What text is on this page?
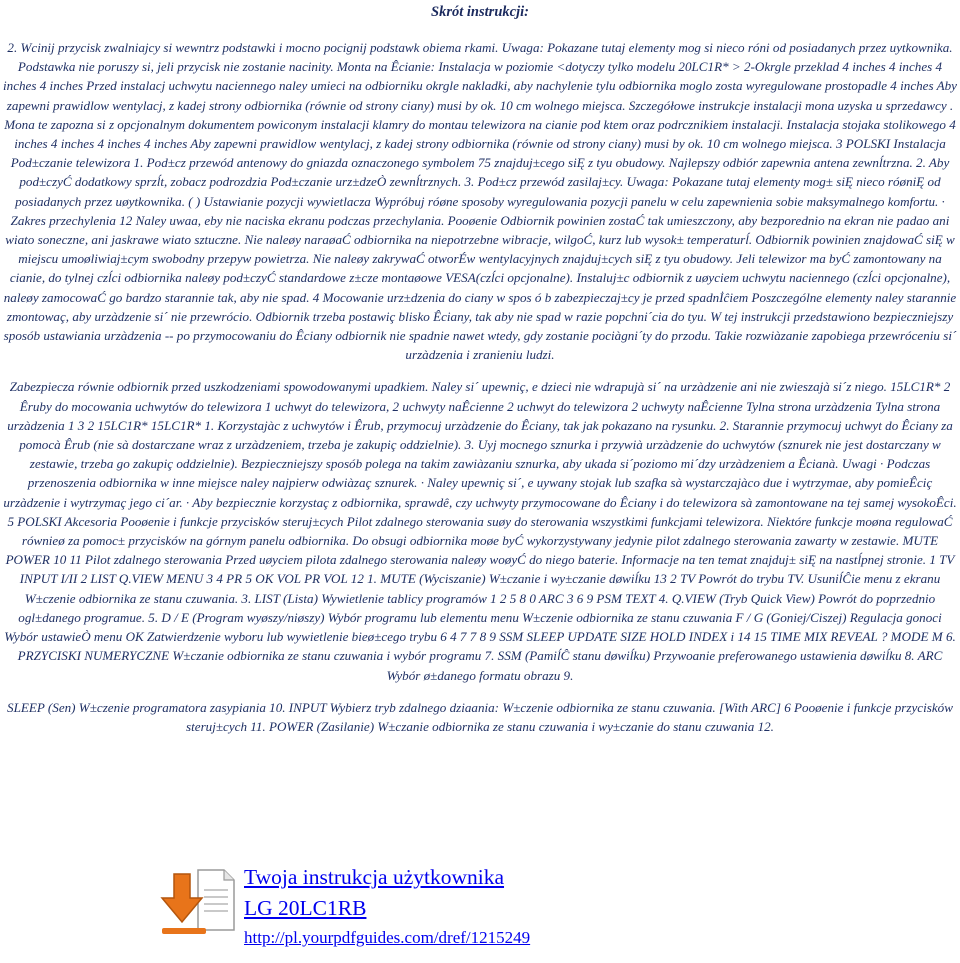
Skrót instrukcji:

2. Wcinij przycisk zwalniajcy si wewntrz podstawki i mocno pocignij podstawk obiema rkami. Uwaga: Pokazane tutaj elementy mog si nieco róni od posiadanych przez uytkownika. Podstawka nie poruszy si, jeli przycisk nie zostanie nacinity. Monta na Êcianie: Instalacja w poziomie <dotyczy tylko modelu 20LC1R* > 2-Okrgle przeklad 4 inches 4 inches 4 inches 4 inches Przed instalacj uchwytu naciennego naley umieci na odbiorniku okrgle nakladki, aby nachylenie tylu odbiornika moglo zosta wyregulowane prostopadle 4 inches Aby zapewni prawidlow wentylacj, z kadej strony odbiornika (równie od strony ciany) musi by ok. 10 cm wolnego miejsca. Szczegółowe instrukcje instalacji mona uzyska u sprzedawcy . Mona te zapozna si z opcjonalnym dokumentem powiconym instalacji klamry do montau telewizora na cianie pod ktem oraz podrcznikiem instalacji. Instalacja stojaka stolikowego 4 inches 4 inches 4 inches 4 inches Aby zapewni prawidlow wentylacj, z kadej strony odbiornika (równie od strony ciany) musi by ok. 10 cm wolnego miejsca. 3 POLSKI Instalacja Pod±czanie telewizora 1. Pod±cz przewód antenowy do gniazda oznaczonego symbolem 75 znajduj±cego siĘ z tyu obudowy. Najlepszy odbiór zapewnia antena zewnĺtrzna. 2. Aby pod±czyĆ dodatkowy sprzĺt, zobacz podrozdzia Pod±czanie urz±dzeÒ zewnĺtrznych. 3. Pod±cz przewód zasilaj±cy. Uwaga: Pokazane tutaj elementy mog± siĘ nieco róøniĘ od posiadanych przez uøytkownika. ( ) Ustawianie pozycji wywietlacza Wypróbuj róøne sposoby wyregulowania pozycji panelu w celu zapewnienia sobie maksymalnego komfortu. · Zakres przechylenia 12 Naley uwaa, eby nie naciska ekranu podczas przechylania. Pooøenie Odbiornik powinien zostaĆ tak umieszczony, aby bezporednio na ekran nie padao ani wiato soneczne, ani jaskrawe wiato sztuczne. Nie naleøy naraøaĆ odbiornika na niepotrzebne wibracje, wilgoĆ, kurz lub wysok± temperaturĺ. Odbiornik powinien znajdowaĆ siĘ w miejscu umoøliwiaj±cym swobodny przepyw powietrza. Nie naleøy zakrywaĆ otworÉw wentylacyjnych znajduj±cych siĘ z tyu obudowy. Jeli telewizor ma byĆ zamontowany na cianie, do tylnej czĺci odbiornika naleøy pod±czyĆ standardowe z±cze montaøowe VESA(czĺci opcjonalne). Instaluj±c odbiornik z uøyciem uchwytu naciennego (czĺci opcjonalne), naleøy zamocowaĆ go bardzo starannie tak, aby nie spad. 4 Mocowanie urz±dzenia do ciany w spos ó b zabezpieczaj±cy je przed spadnİĉiem Poszczególne elementy naley starannie zmontowaç, aby urzàdzenie si´ nie przewrócio. Odbiornik trzeba postawiç blisko Êciany, tak aby nie spad w razie popchni´cia do tyu. W tej instrukcji przedstawiono bezpieczniejszy sposób ustawiania urzàdzenia -- po przymocowaniu do Êciany odbiornik nie spadnie nawet wtedy, gdy zostanie pociàgni´ty do przodu. Takie rozwiàzanie zapobiega przewróceniu si´ urzàdzenia i zranieniu ludzi.

Zabezpiecza równie odbiornik przed uszkodzeniami spowodowanymi upadkiem. Naley si´ upewniç, e dzieci nie wdrapujà si´ na urzàdzenie ani nie zwieszajà si´z niego. 15LC1R* 2 Êruby do mocowania uchwytów do telewizora 1 uchwyt do telewizora, 2 uchwyty naÊcienne 2 uchwyt do telewizora 2 uchwyty naÊcienne Tylna strona urzàdzenia Tylna strona urzàdzenia 1 3 2 15LC1R* 15LC1R* 1. Korzystajàc z uchwytów i Êrub, przymocuj urzàdzenie do Êciany, tak jak pokazano na rysunku. 2. Starannie przymocuj uchwyt do Êciany za pomocà Êrub (nie sà dostarczane wraz z urzàdzeniem, trzeba je zakupiç oddzielnie). 3. Uyj mocnego sznurka i przywià urzàdzenie do uchwytów (sznurek nie jest dostarczany w zestawie, trzeba go zakupiç oddzielnie). Bezpieczniejszy sposób polega na takim zawiàzaniu sznurka, aby ukada si´poziomo mi´dzy urzàdzeniem a Êcianà. Uwagi · Podczas przenoszenia odbiornika w inne miejsce naley najpierw odwiàzaç sznurek. · Naley upewniç si´, e uywany stojak lub szafka sà wystarczajàco due i wytrzymae, aby pomieÊciç urzàdzenie i wytrzymaç jego ci´ar. · Aby bezpiecznie korzystaç z odbiornika, sprawdê, czy uchwyty przymocowane do Êciany i do telewizora sà zamontowane na tej samej wysokoÊci. 5 POLSKI Akcesoria Pooøenie i funkcje przycisków steruj±cych Pilot zdalnego sterowania suøy do sterowania wszystkimi funkcjami telewizora. Niektóre funkcje moøna regulowaĆ równieø za pomoc± przycisków na górnym panelu odbiornika. Do obsugi odbiornika moøe byĆ wykorzystywany jedynie pilot zdalnego sterowania zawarty w zestawie. MUTE POWER 10 11 Pilot zdalnego sterowania Przed uøyciem pilota zdalnego sterowania naleøy woøyĆ do niego baterie. Informacje na ten temat znajduj± siĘ na nastĺpnej stronie. 1 TV INPUT I/II 2 LIST Q.VIEW MENU 3 4 PR 5 OK VOL PR VOL 12 1. MUTE (Wyciszanie) W±czanie i wy±czanie døwiĺku 13 2 TV Powrót do trybu TV. UsuniĺĈie menu z ekranu W±czenie odbiornika ze stanu czuwania. 3. LIST (Lista) Wywietlenie tablicy programów 1 2 5 8 0 ARC 3 6 9 PSM TEXT 4. Q.VIEW (Tryb Quick View) Powrót do poprzednio ogl±danego programue. 5. D / E (Program wyøszy/niøszy) Wybór programu lub elementu menu W±czenie odbiornika ze stanu czuwania F / G (Goniej/Ciszej) Regulacja gonoci Wybór ustawieÒ menu OK Zatwierdzenie wyboru lub wywietlenie bieø±cego trybu 6 4 7 7 8 9 SSM SLEEP UPDATE SIZE HOLD INDEX i 14 15 TIME MIX REVEAL ? MODE M 6. PRZYCISKI NUMERYCZNE W±czanie odbiornika ze stanu czuwania i wybór programu 7. SSM (PamiĺĈ stanu døwiĺku) Przywoanie preferowanego ustawienia døwiĺku 8. ARC Wybór ø±danego formatu obrazu 9.

SLEEP (Sen) W±czenie programatora zasypiania 10. INPUT Wybierz tryb zdalnego dziaania: W±czenie odbiornika ze stanu czuwania. [With ARC] 6 Pooøenie i funkcje przycisków steruj±cych 11. POWER (Zasilanie) W±czanie odbiornika ze stanu czuwania i wy±czanie do stanu czuwania 12.

Twoja instrukcja użytkownika
LG 20LC1RB
http://pl.yourpdfguides.com/dref/1215249
